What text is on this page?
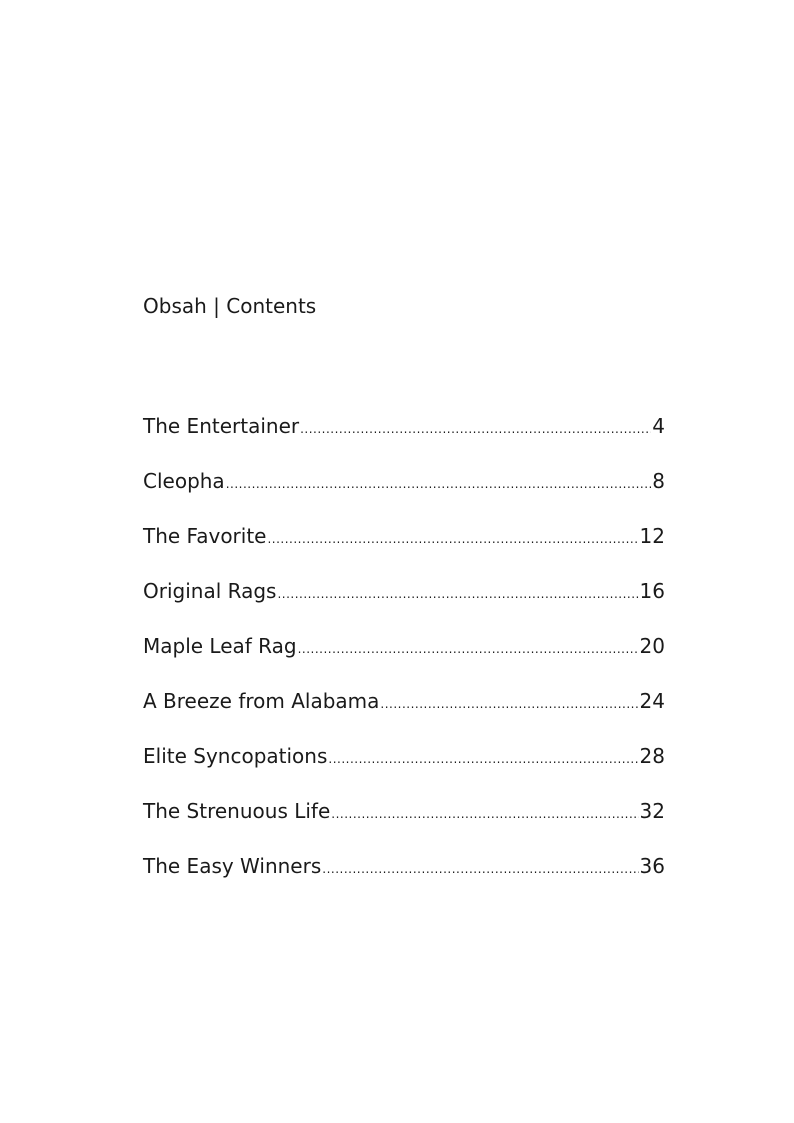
Obsah | Contents
The Entertainer .....	4
Cleopha .....	8
The Favorite .....	12
Original Rags .....	16
Maple Leaf Rag .....	20
A Breeze from Alabama .....	24
Elite Syncopations .....	28
The Strenuous Life .....	32
The Easy Winners .....	36
